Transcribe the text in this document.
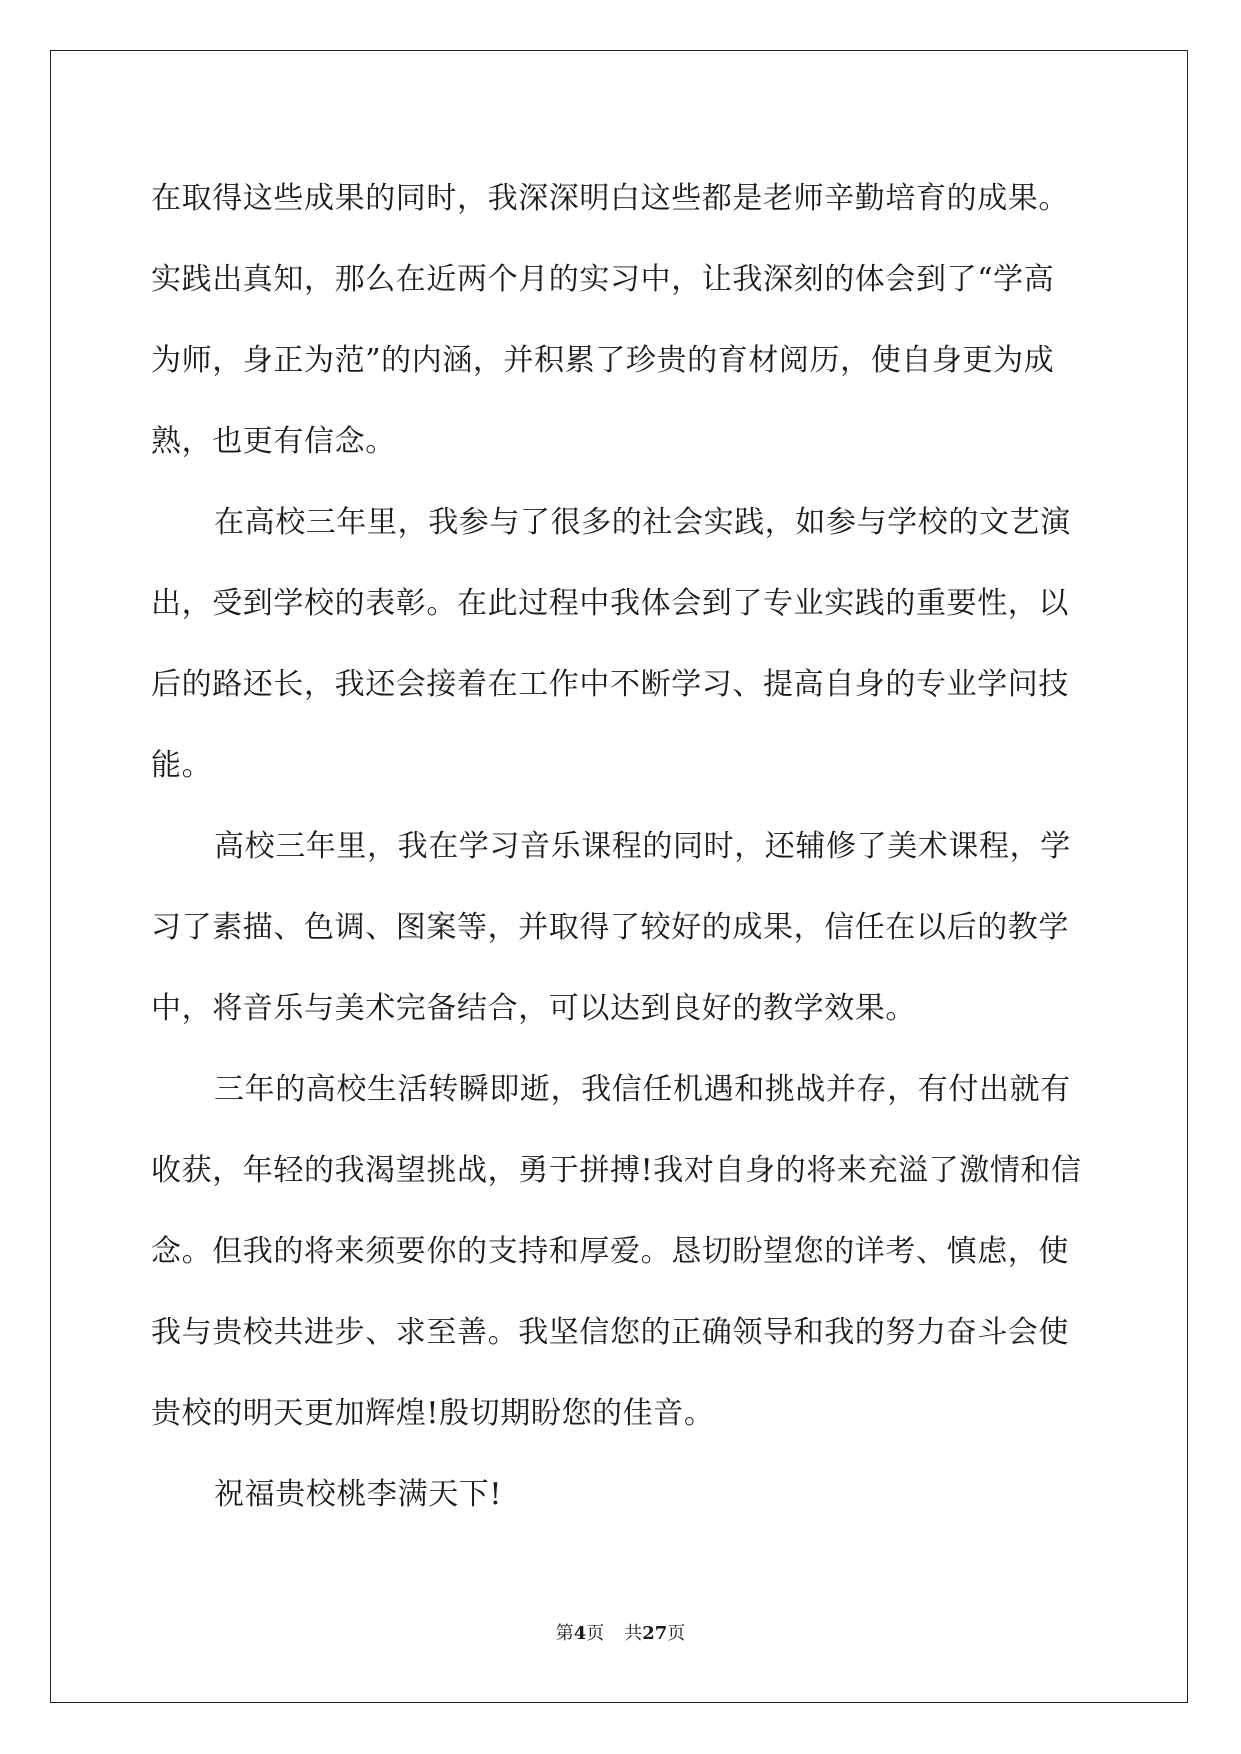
在取得这些成果的同时，我深深明白这些都是老师辛勤培育的成果。
实践出真知，那么在近两个月的实习中，让我深刻的体会到了“学高
为师，身正为范”的内涵，并积累了珍贵的育材阅历，使自身更为成
熟，也更有信念。
在高校三年里，我参与了很多的社会实践，如参与学校的文艺演
出，受到学校的表彰。在此过程中我体会到了专业实践的重要性，以
后的路还长，我还会接着在工作中不断学习、提高自身的专业学问技
能。
高校三年里，我在学习音乐课程的同时，还辅修了美术课程，学
习了素描、色调、图案等，并取得了较好的成果，信任在以后的教学
中，将音乐与美术完备结合，可以达到良好的教学效果。
三年的高校生活转瞬即逝，我信任机遇和挑战并存，有付出就有
收获，年轻的我渴望挑战，勇于拼搏!我对自身的将来充溢了激情和信
念。但我的将来须要你的支持和厚爱。恳切盼望您的详考、慎虑，使
我与贵校共进步、求至善。我坚信您的正确领导和我的努力奋斗会使
贵校的明天更加辉煌!殷切期盼您的佳音。
祝福贵校桃李满天下!
第4页 共27页
